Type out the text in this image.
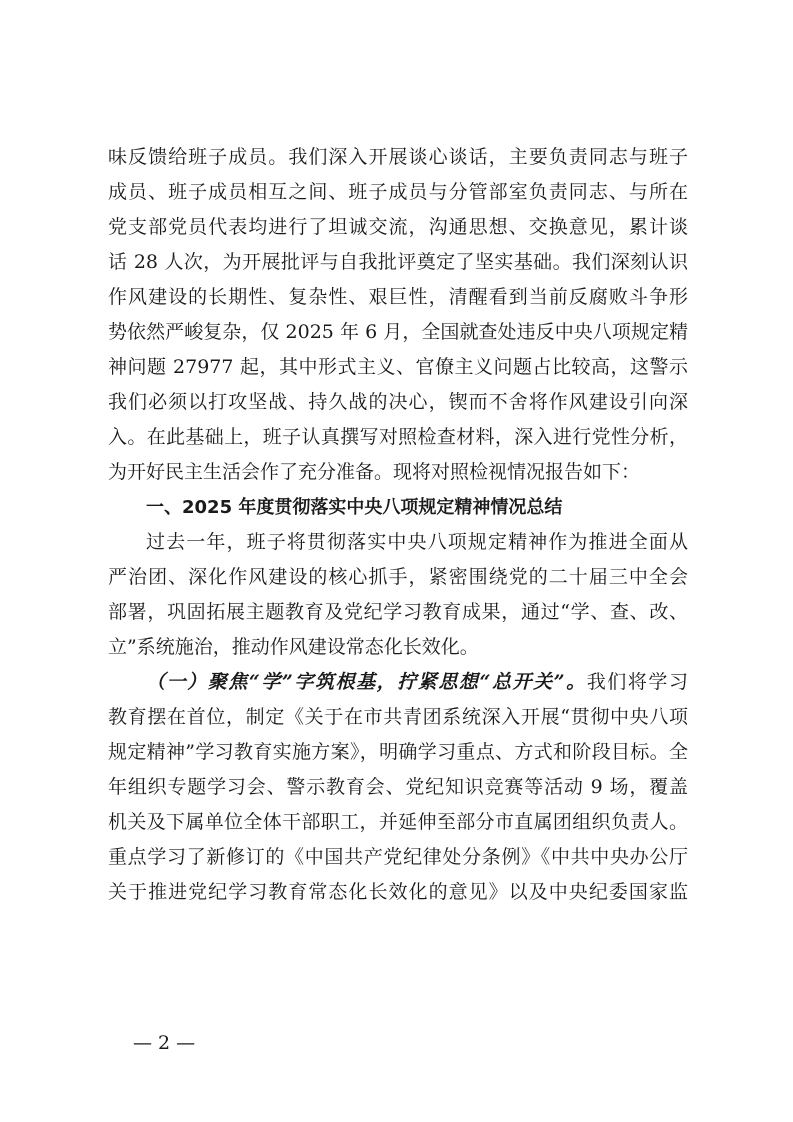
味反馈给班子成员。我们深入开展谈心谈话，主要负责同志与班子
成员、班子成员相互之间、班子成员与分管部室负责同志、与所在
党支部党员代表均进行了坦诚交流，沟通思想、交换意见，累计谈
话 28 人次，为开展批评与自我批评奠定了坚实基础。我们深刻认识
作风建设的长期性、复杂性、艰巨性，清醒看到当前反腐败斗争形
势依然严峻复杂，仅 2025 年 6 月，全国就查处违反中央八项规定精
神问题 27977 起，其中形式主义、官僚主义问题占比较高，这警示
我们必须以打攻坚战、持久战的决心，锲而不舍将作风建设引向深
入。在此基础上，班子认真撰写对照检查材料，深入进行党性分析，
为开好民主生活会作了充分准备。现将对照检视情况报告如下：
一、2025 年度贯彻落实中央八项规定精神情况总结
过去一年，班子将贯彻落实中央八项规定精神作为推进全面从
严治团、深化作风建设的核心抓手，紧密围绕党的二十届三中全会
部署，巩固拓展主题教育及党纪学习教育成果，通过“学、查、改、
立”系统施治，推动作风建设常态化长效化。
（一）聚焦“学”字筑根基，拧紧思想“总开关”。我们将学习
教育摆在首位，制定《关于在市共青团系统深入开展“贯彻中央八项
规定精神”学习教育实施方案》，明确学习重点、方式和阶段目标。全
年组织专题学习会、警示教育会、党纪知识竞赛等活动 9 场，覆盖
机关及下属单位全体干部职工，并延伸至部分市直属团组织负责人。
重点学习了新修订的《中国共产党纪律处分条例》《中共中央办公厅
关于推进党纪学习教育常态化长效化的意见》以及中央纪委国家监
— 2 —
